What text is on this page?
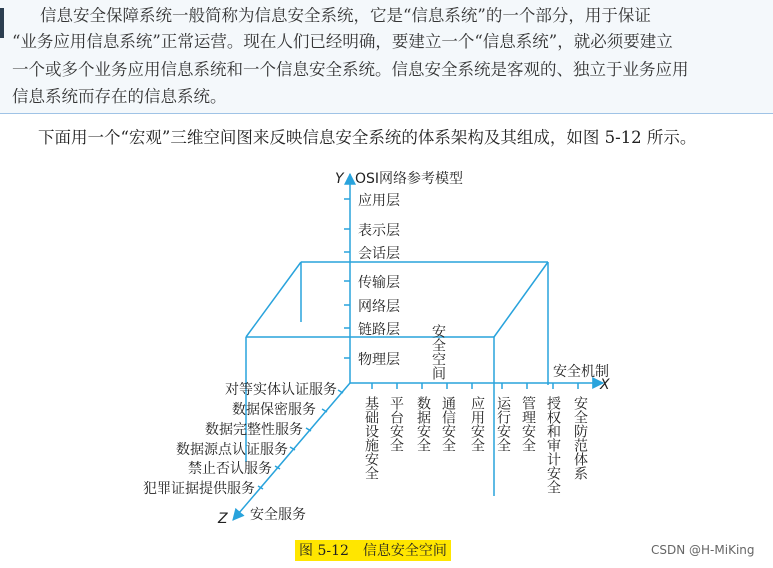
信息安全保障系统一般简称为信息安全系统，它是“信息系统”的一个部分，用于保证
“业务应用信息系统”正常运营。现在人们已经明确，要建立一个“信息系统”，就必须要建立
一个或多个业务应用信息系统和一个信息安全系统。信息安全系统是客观的、独立于业务应用
信息系统而存在的信息系统。
下面用一个“宏观”三维空间图来反映信息安全系统的体系架构及其组成，如图 5-12 所示。
Y OSI网络参考模型
应用层
表示层
会话层
传输层
网络层
链路层
物理层 安全空间	安全机制
X
基础设施安全 平台安全 数据安全 通信安全 应用安全 运行安全 管理安全 授权和审计安全 安全防范体系
对等实体认证服务
数据保密服务
数据完整性服务
数据源点认证服务
禁止否认服务
犯罪证据提供服务
Z 安全服务
图 5-12　信息安全空间	CSDN @H-MiKing
